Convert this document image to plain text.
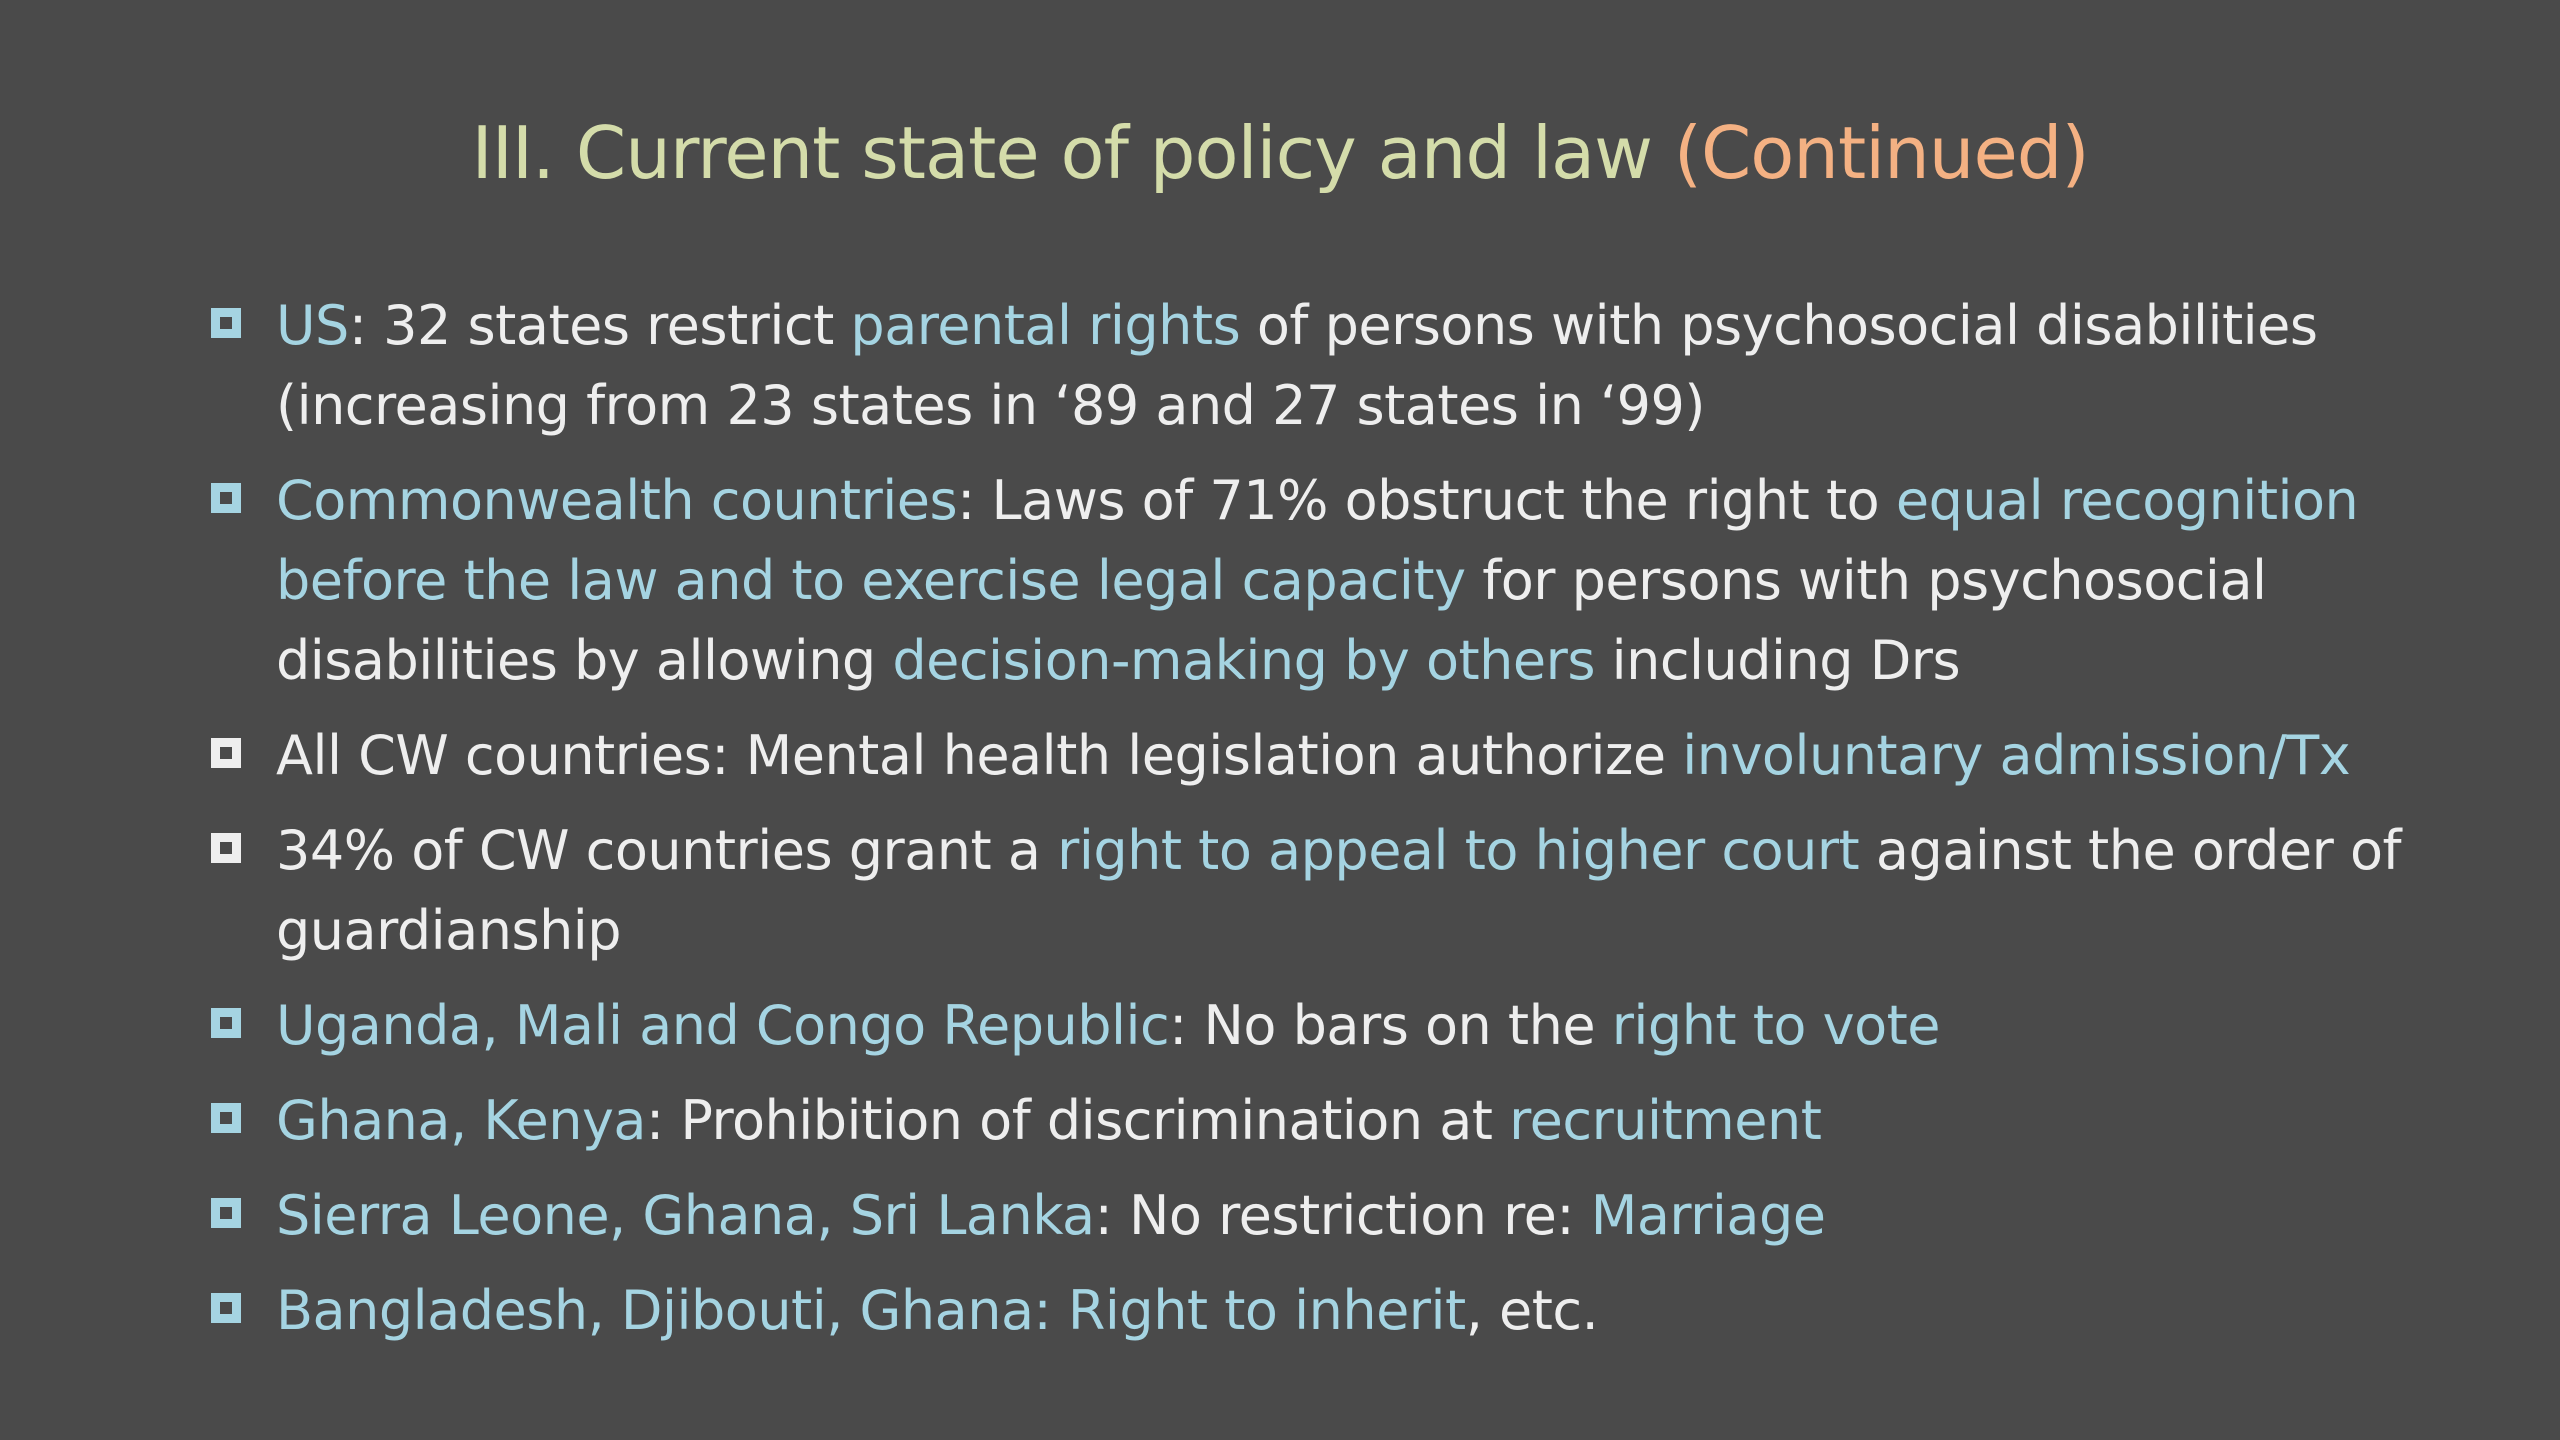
III. Current state of policy and law (Continued)
US: 32 states restrict parental rights of persons with psychosocial disabilities (increasing from 23 states in ‘89 and 27 states in ‘99)
Commonwealth countries: Laws of 71% obstruct the right to equal recognition before the law and to exercise legal capacity for persons with psychosocial disabilities by allowing decision-making by others including Drs
All CW countries: Mental health legislation authorize involuntary admission/Tx
34% of CW countries grant a right to appeal to higher court against the order of guardianship
Uganda, Mali and Congo Republic: No bars on the right to vote
Ghana, Kenya: Prohibition of discrimination at recruitment
Sierra Leone, Ghana, Sri Lanka: No restriction re: Marriage
Bangladesh, Djibouti, Ghana: Right to inherit, etc.
